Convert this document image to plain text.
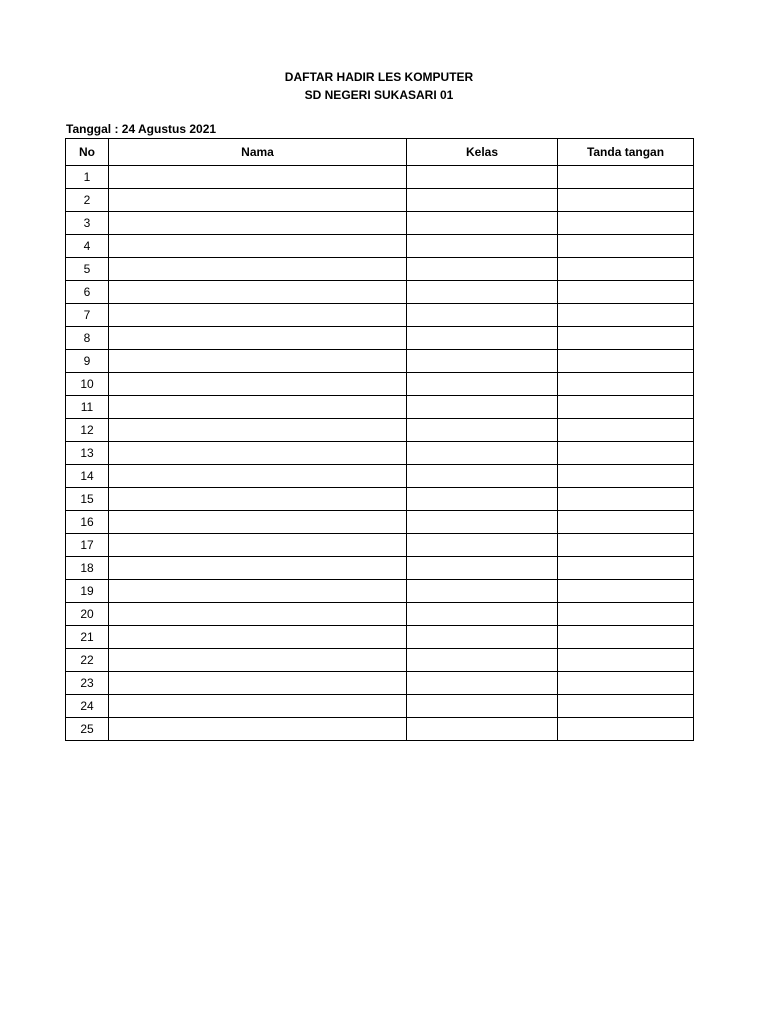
DAFTAR HADIR LES KOMPUTER
SD NEGERI SUKASARI 01
Tanggal : 24 Agustus 2021
No	Nama	Kelas	Tanda tangan
1			
2			
3			
4			
5			
6			
7			
8			
9			
10			
11			
12			
13			
14			
15			
16			
17			
18			
19			
20			
21			
22			
23			
24			
25			
